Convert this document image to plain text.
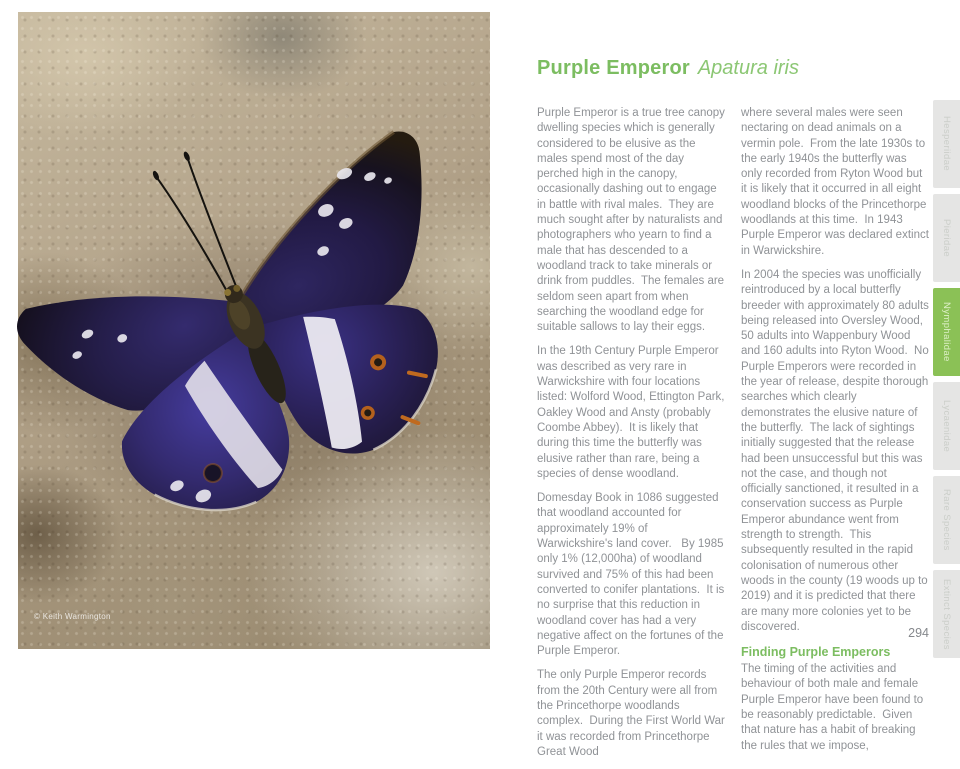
© Keith Warmington
Purple Emperor Apatura iris

Purple Emperor is a true tree canopy dwelling species which is generally considered to be elusive as the males spend most of the day perched high in the canopy, occasionally dashing out to engage in battle with rival males.  They are much sought after by naturalists and photographers who yearn to find a male that has descended to a woodland track to take minerals or drink from puddles.  The females are seldom seen apart from when searching the woodland edge for suitable sallows to lay their eggs.

In the 19th Century Purple Emperor was described as very rare in Warwickshire with four locations listed: Wolford Wood, Ettington Park, Oakley Wood and Ansty (probably Coombe Abbey).  It is likely that during this time the butterfly was elusive rather than rare, being a species of dense woodland.

Domesday Book in 1086 suggested that woodland accounted for approximately 19% of Warwickshire's land cover.   By 1985 only 1% (12,000ha) of woodland survived and 75% of this had been converted to conifer plantations.  It is no surprise that this reduction in woodland cover has had a very negative affect on the fortunes of the Purple Emperor.

The only Purple Emperor records from the 20th Century were all from the Princethorpe woodlands complex.  During the First World War it was recorded from Princethorpe Great Wood

where several males were seen nectaring on dead animals on a vermin pole.  From the late 1930s to the early 1940s the butterfly was only recorded from Ryton Wood but it is likely that it occurred in all eight woodland blocks of the Princethorpe woodlands at this time.  In 1943 Purple Emperor was declared extinct in Warwickshire.

In 2004 the species was unofficially reintroduced by a local butterfly breeder with approximately 80 adults being released into Oversley Wood, 50 adults into Wappenbury Wood and 160 adults into Ryton Wood.  No Purple Emperors were recorded in the year of release, despite thorough searches which clearly demonstrates the elusive nature of the butterfly.  The lack of sightings initially suggested that the release had been unsuccessful but this was not the case, and though not officially sanctioned, it resulted in a conservation success as Purple Emperor abundance went from strength to strength.  This subsequently resulted in the rapid colonisation of numerous other woods in the county (19 woods up to 2019) and it is predicted that there are many more colonies yet to be discovered.

Finding Purple Emperors

The timing of the activities and behaviour of both male and female Purple Emperor have been found to be reasonably predictable.  Given that nature has a habit of breaking the rules that we impose,

294
Hesperiidae
Pieridae
Nymphalidae
Lycaenidae
Rare Species
Extinct Species
